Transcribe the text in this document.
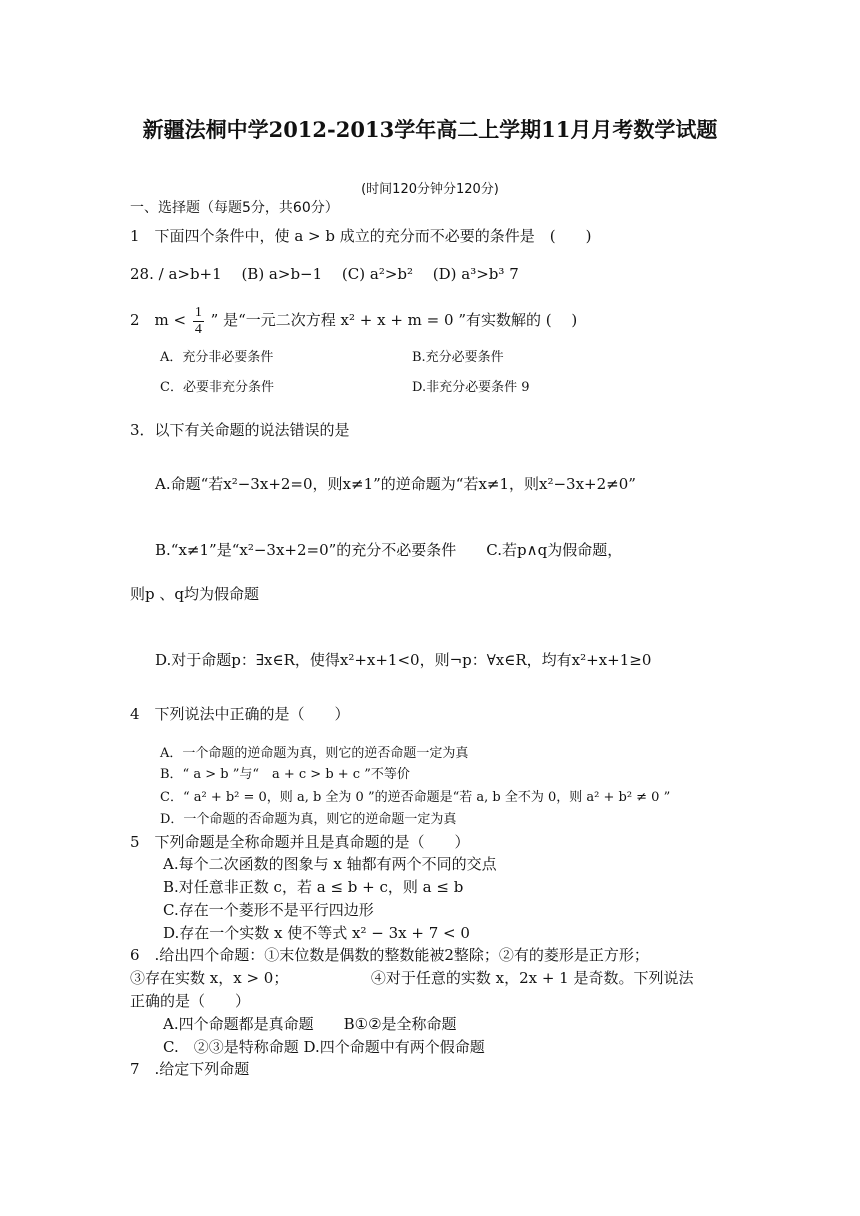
新疆法桐中学2012-2013学年高二上学期11月月考数学试题
(时间120分钟分120分)
一、选择题（每题5分，共60分）
1　下面四个条件中，使 a > b 成立的充分而不必要的条件是　(　　)
28. / a>b+1　 (B) a>b−1　 (C) a²>b²　 (D) a³>b³ 7
2　$m < \frac{1}{4}$ ” 是“一元二次方程 x² + x + m = 0 ”有实数解的 (　 )
A．充分非必要条件	B.充分必要条件
C．必要非充分条件	D.非充分必要条件 9
3．以下有关命题的说法错误的是
A.命题“若x²−3x+2=0，则x≠1”的逆命题为“若x≠1，则x²−3x+2≠0”
B.“x≠1”是“x²−3x+2=0”的充分不必要条件　　C.若p∧q为假命题，
则p 、q均为假命题
D.对于命题p：∃x∈R，使得x²+x+1<0，则¬p：∀x∈R，均有x²+x+1≥0
4　下列说法中正确的是（　　）
A．一个命题的逆命题为真，则它的逆否命题一定为真
B．“ a > b ”与“　a + c > b + c ”不等价
C．“ a² + b² = 0，则 a, b 全为 0 ”的逆否命题是“若 a, b 全不为 0，则 a² + b² ≠ 0 ”
D．一个命题的否命题为真，则它的逆命题一定为真
5　下列命题是全称命题并且是真命题的是（　　）
A.每个二次函数的图象与 x 轴都有两个不同的交点
B.对任意非正数 c，若 a ≤ b + c，则 a ≤ b
C.存在一个菱形不是平行四边形
D.存在一个实数 x 使不等式 x² − 3x + 7 < 0
6　.给出四个命题：①末位数是偶数的整数能被2整除；②有的菱形是正方形；
③存在实数 x，x > 0；　　　　　　④对于任意的实数 x，2x + 1 是奇数。下列说法
正确的是（　　）
A.四个命题都是真命题　　B①②是全称命题
C.　②③是特称命题 D.四个命题中有两个假命题
7　.给定下列命题
